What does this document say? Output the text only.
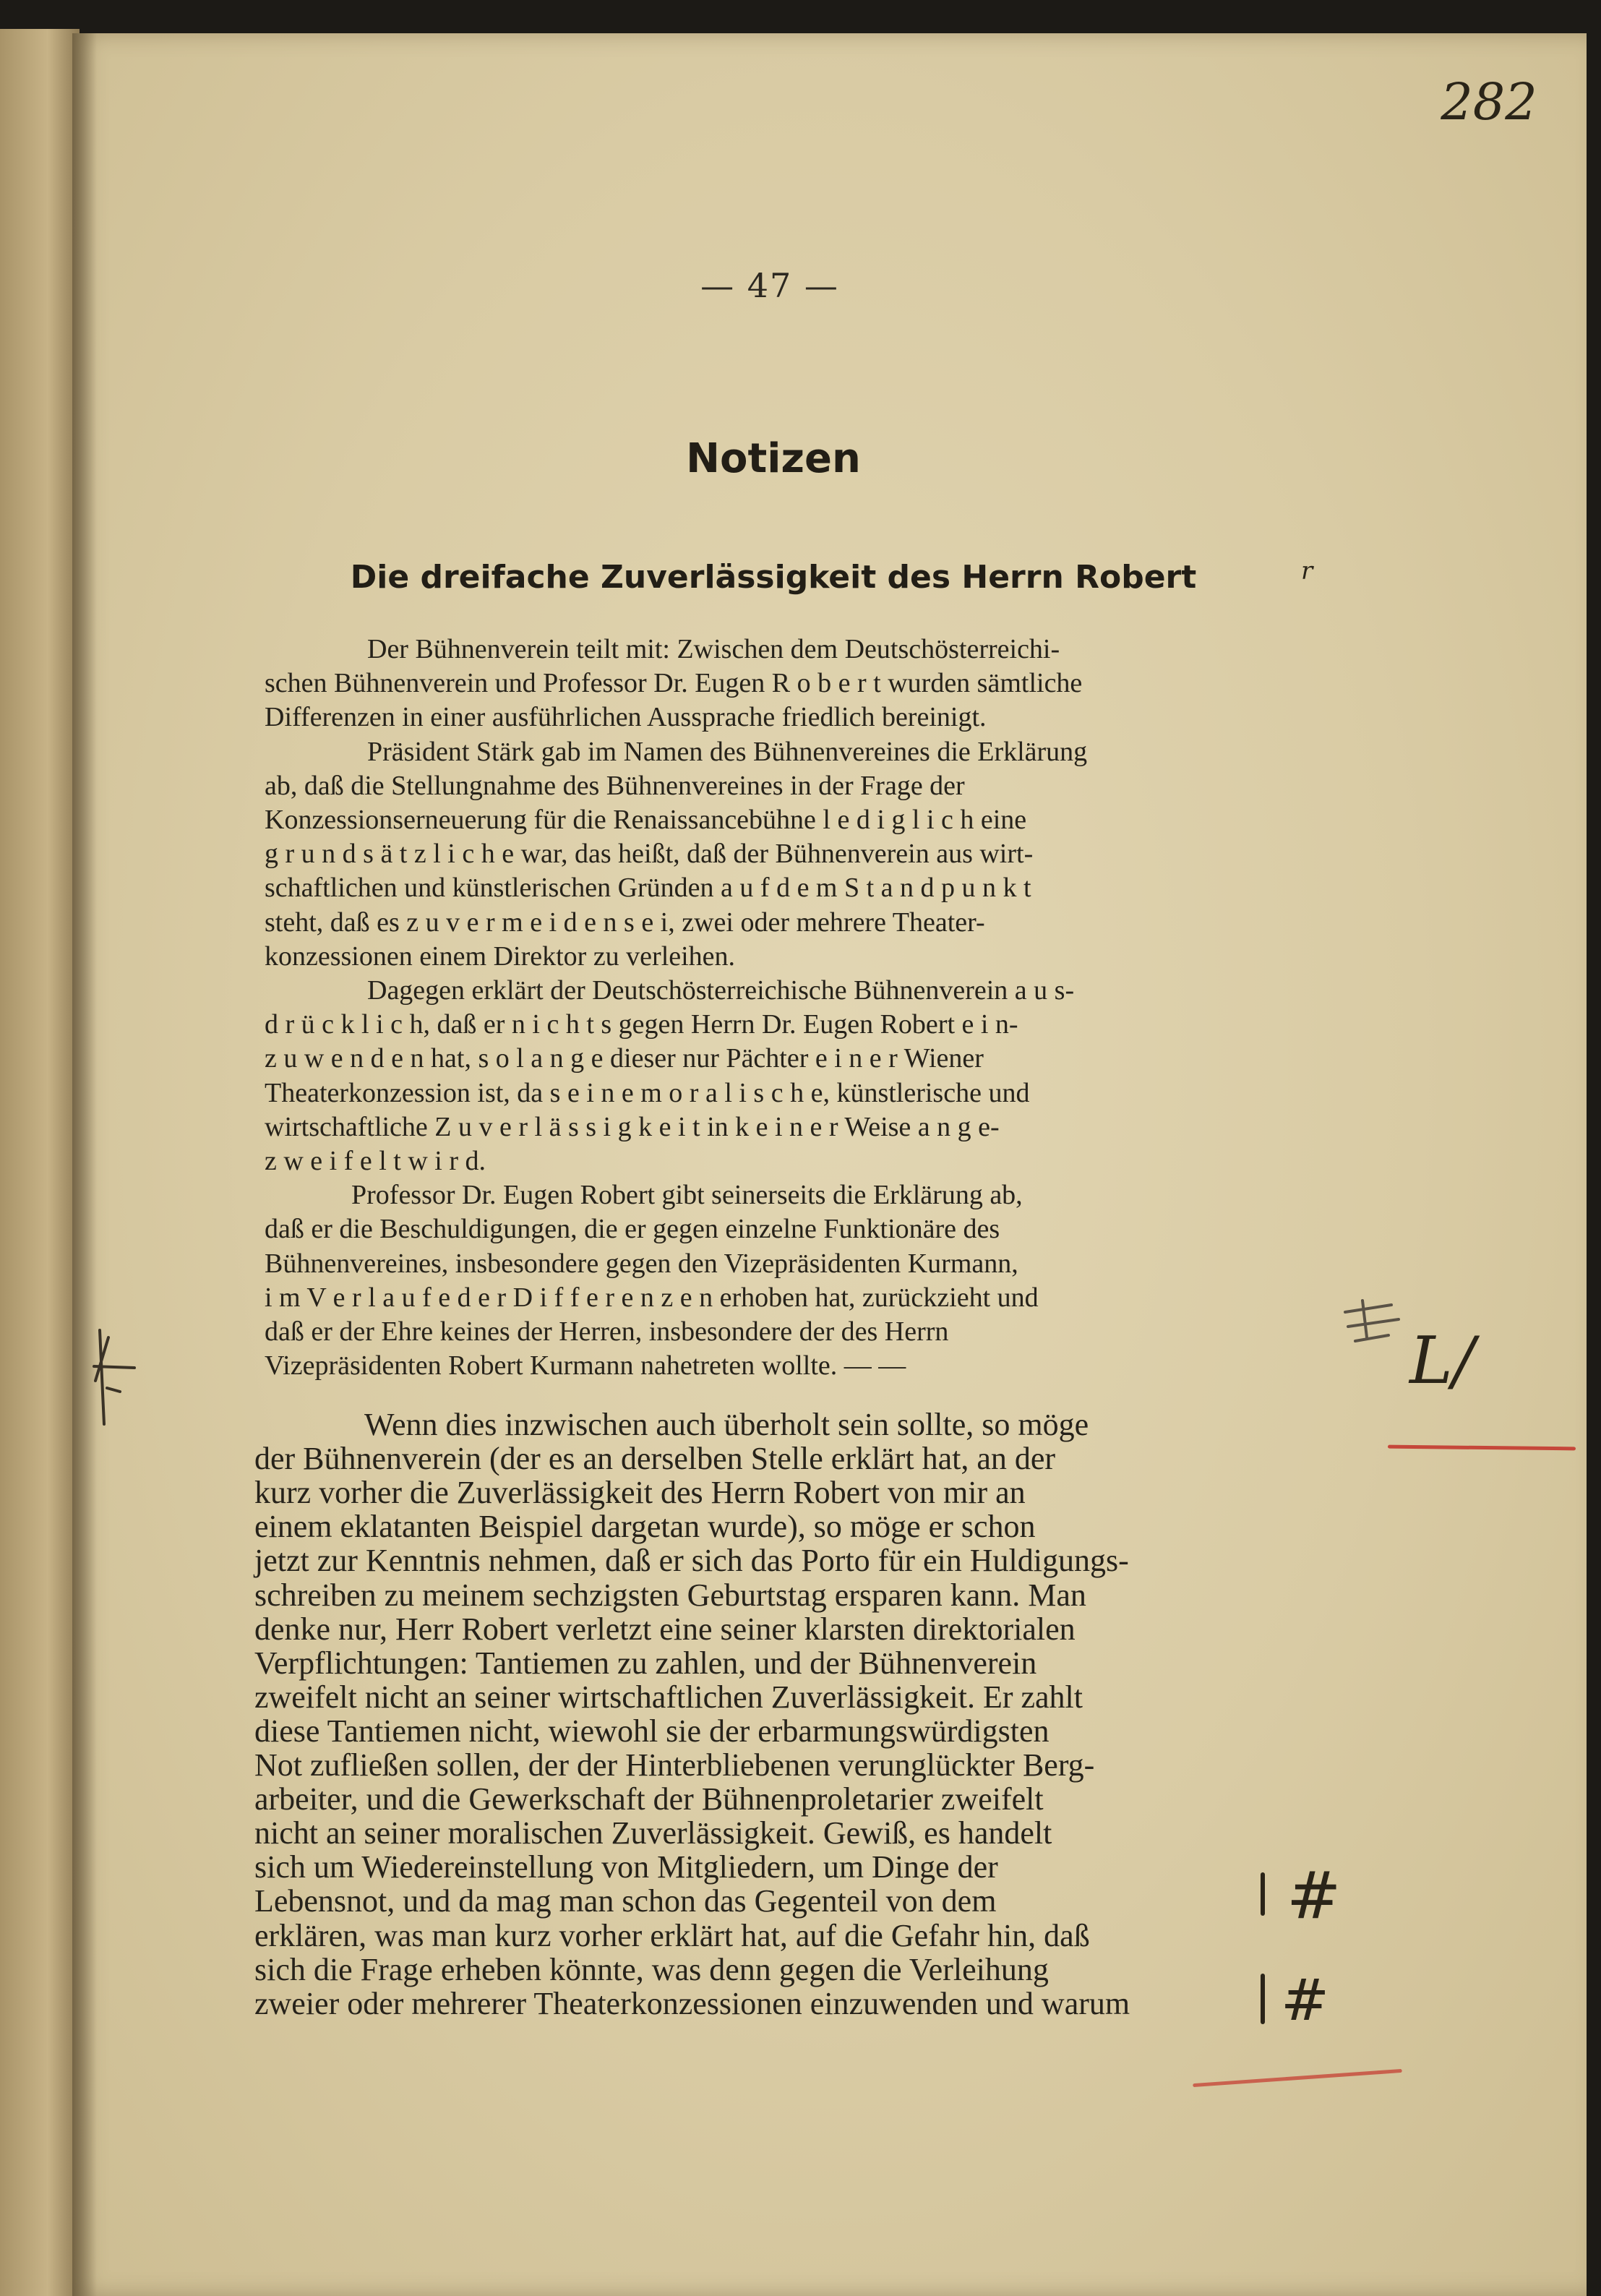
282
— 47 —
Notizen
Die dreifache Zuverlässigkeit des Herrn Robert
Der Bühnenverein teilt mit: Zwischen dem Deutschösterreichi-
schen Bühnenverein und Professor Dr. Eugen R o b e r t wurden sämtliche
Differenzen in einer ausführlichen Aussprache friedlich bereinigt.
Präsident Stärk gab im Namen des Bühnenvereines die Erklärung
ab, daß die Stellungnahme des Bühnenvereines in der Frage der
Konzessionserneuerung für die Renaissancebühne l e d i g l i c h eine
g r u n d s ä t z l i c h e war, das heißt, daß der Bühnenverein aus wirt-
schaftlichen und künstlerischen Gründen a u f d e m S t a n d p u n k t
steht, daß es z u v e r m e i d e n s e i, zwei oder mehrere Theater-
konzessionen einem Direktor zu verleihen.
Dagegen erklärt der Deutschösterreichische Bühnenverein a u s-
d r ü c k l i c h, daß er n i c h t s gegen Herrn Dr. Eugen Robert e i n-
z u w e n d e n hat, s o l a n g e dieser nur Pächter e i n e r Wiener
Theaterkonzession ist, da s e i n e m o r a l i s c h e, künstlerische und
wirtschaftliche Z u v e r l ä s s i g k e i t in k e i n e r Weise a n g e-
z w e i f e l t w i r d.
Professor Dr. Eugen Robert gibt seinerseits die Erklärung ab,
daß er die Beschuldigungen, die er gegen einzelne Funktionäre des
Bühnenvereines, insbesondere gegen den Vizepräsidenten Kurmann,
i m V e r l a u f e d e r D i f f e r e n z e n erhoben hat, zurückzieht und
daß er der Ehre keines der Herren, insbesondere der des Herrn
Vizepräsidenten Robert Kurmann nahetreten wollte. — —
Wenn dies inzwischen auch überholt sein sollte, so möge
der Bühnenverein (der es an derselben Stelle erklärt hat, an der
kurz vorher die Zuverlässigkeit des Herrn Robert von mir an
einem eklatanten Beispiel dargetan wurde), so möge er schon
jetzt zur Kenntnis nehmen, daß er sich das Porto für ein Huldigungs-
schreiben zu meinem sechzigsten Geburtstag ersparen kann. Man
denke nur, Herr Robert verletzt eine seiner klarsten direktorialen
Verpflichtungen: Tantiemen zu zahlen, und der Bühnenverein
zweifelt nicht an seiner wirtschaftlichen Zuverlässigkeit. Er zahlt
diese Tantiemen nicht, wiewohl sie der erbarmungswürdigsten
Not zufließen sollen, der der Hinterbliebenen verunglückter Berg-
arbeiter, und die Gewerkschaft der Bühnenproletarier zweifelt
nicht an seiner moralischen Zuverlässigkeit. Gewiß, es handelt
sich um Wiedereinstellung von Mitgliedern, um Dinge der
Lebensnot, und da mag man schon das Gegenteil von dem
erklären, was man kurz vorher erklärt hat, auf die Gefahr hin, daß
sich die Frage erheben könnte, was denn gegen die Verleihung
zweier oder mehrerer Theaterkonzessionen einzuwenden und warum
r
L/
#
#
